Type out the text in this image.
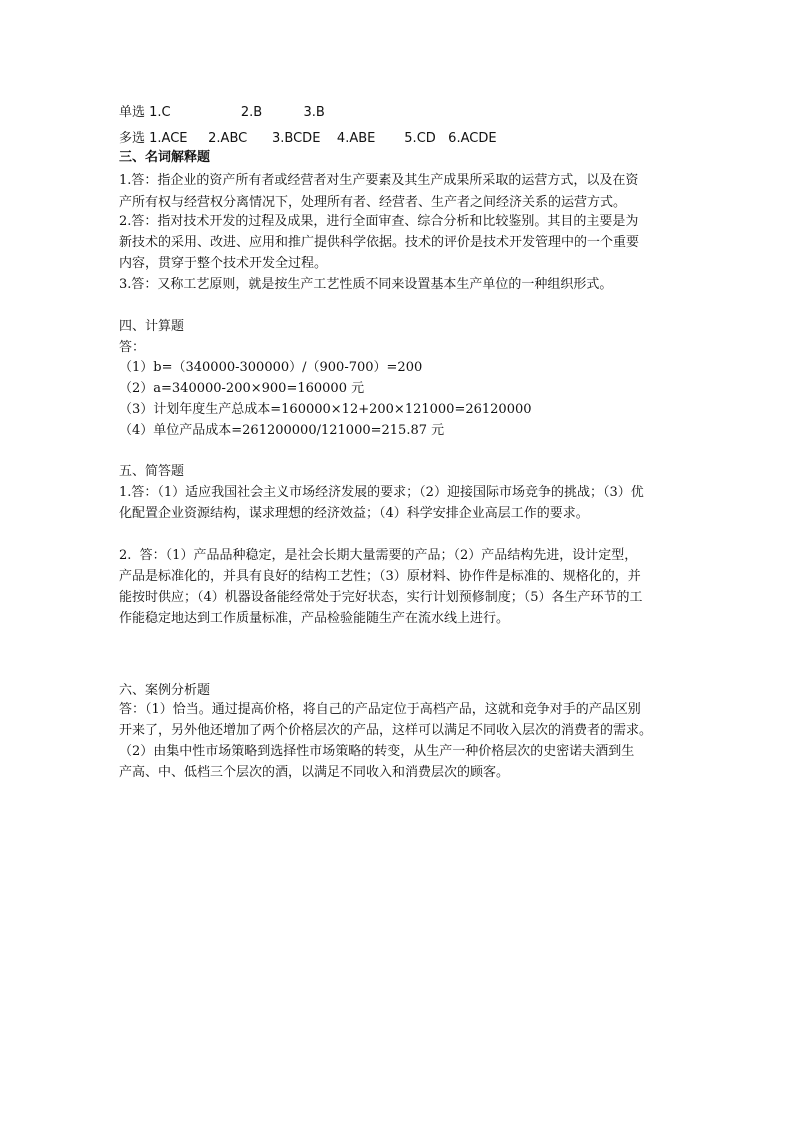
单选 1.C                 2.B          3.B
多选 1.ACE     2.ABC      3.BCDE    4.ABE       5.CD   6.ACDE
三、名词解释题
1.答：指企业的资产所有者或经营者对生产要素及其生产成果所采取的运营方式，以及在资
产所有权与经营权分离情况下，处理所有者、经营者、生产者之间经济关系的运营方式。
2.答：指对技术开发的过程及成果，进行全面审查、综合分析和比较鉴别。其目的主要是为
新技术的采用、改进、应用和推广提供科学依据。技术的评价是技术开发管理中的一个重要
内容，贯穿于整个技术开发全过程。
3.答：又称工艺原则，就是按生产工艺性质不同来设置基本生产单位的一种组织形式。
四、计算题
答：
（1）b=（340000-300000）/（900-700）=200
（2）a=340000-200×900=160000 元
（3）计划年度生产总成本=160000×12+200×121000=26120000
（4）单位产品成本=261200000/121000=215.87 元
五、简答题
1.答：（1）适应我国社会主义市场经济发展的要求；（2）迎接国际市场竞争的挑战；（3）优
化配置企业资源结构，谋求理想的经济效益；（4）科学安排企业高层工作的要求。
2.  答：（1）产品品种稳定，是社会长期大量需要的产品；（2）产品结构先进，设计定型，
产品是标准化的，并具有良好的结构工艺性；（3）原材料、协作件是标准的、规格化的，并
能按时供应；（4）机器设备能经常处于完好状态，实行计划预修制度；（5）各生产环节的工
作能稳定地达到工作质量标准，产品检验能随生产在流水线上进行。
六、案例分析题
答：（1）恰当。通过提高价格，将自己的产品定位于高档产品，这就和竞争对手的产品区别
开来了，另外他还增加了两个价格层次的产品，这样可以满足不同收入层次的消费者的需求。
（2）由集中性市场策略到选择性市场策略的转变，从生产一种价格层次的史密诺夫酒到生
产高、中、低档三个层次的酒，以满足不同收入和消费层次的顾客。
